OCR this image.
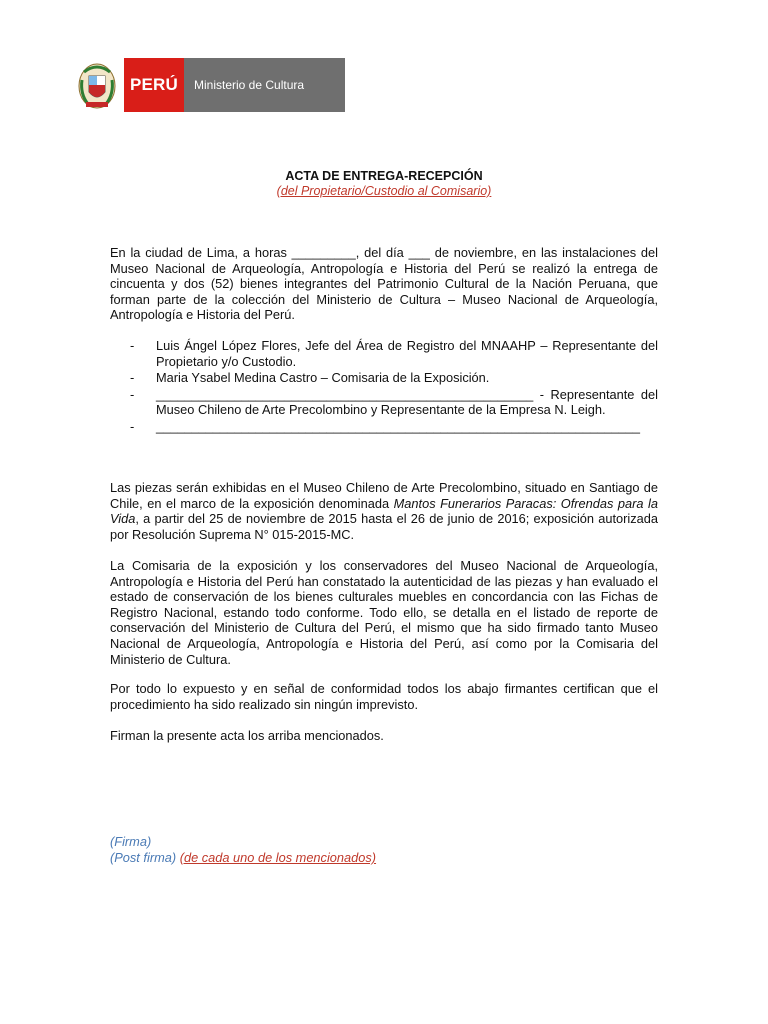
PERÚ	Ministerio de Cultura
ACTA DE ENTREGA-RECEPCIÓN
(del Propietario/Custodio al Comisario)
En la ciudad de Lima, a horas _________, del día ___ de noviembre, en las instalaciones del Museo Nacional de Arqueología, Antropología e Historia del Perú se realizó la entrega de cincuenta y dos (52) bienes integrantes del Patrimonio Cultural de la Nación Peruana, que forman parte de la colección del Ministerio de Cultura – Museo Nacional de Arqueología, Antropología e Historia del Perú.
-	Luis Ángel López Flores, Jefe del Área de Registro del MNAAHP – Representante del Propietario y/o Custodio.
-	Maria Ysabel Medina Castro – Comisaria de la Exposición.
-	_____________________________________________________ - Representante del Museo Chileno de Arte Precolombino y Representante de la Empresa N. Leigh.
-	____________________________________________________________________
Las piezas serán exhibidas en el Museo Chileno de Arte Precolombino, situado en Santiago de Chile, en el marco de la exposición denominada Mantos Funerarios Paracas: Ofrendas para la Vida, a partir del 25 de noviembre de 2015 hasta el 26 de junio de 2016; exposición autorizada por Resolución Suprema N° 015-2015-MC.
La Comisaria de la exposición y los conservadores del Museo Nacional de Arqueología, Antropología e Historia del Perú han constatado la autenticidad de las piezas y han evaluado el estado de conservación de los bienes culturales muebles en concordancia con las Fichas de Registro Nacional, estando todo conforme. Todo ello, se detalla en el listado de reporte de conservación del Ministerio de Cultura del Perú, el mismo que ha sido firmado tanto Museo Nacional de Arqueología, Antropología e Historia del Perú, así como por la Comisaria del Ministerio de Cultura.
Por todo lo expuesto y en señal de conformidad todos los abajo firmantes certifican que el procedimiento ha sido realizado sin ningún imprevisto.
Firman la presente acta los arriba mencionados.
(Firma)
(Post firma) (de cada uno de los mencionados)
